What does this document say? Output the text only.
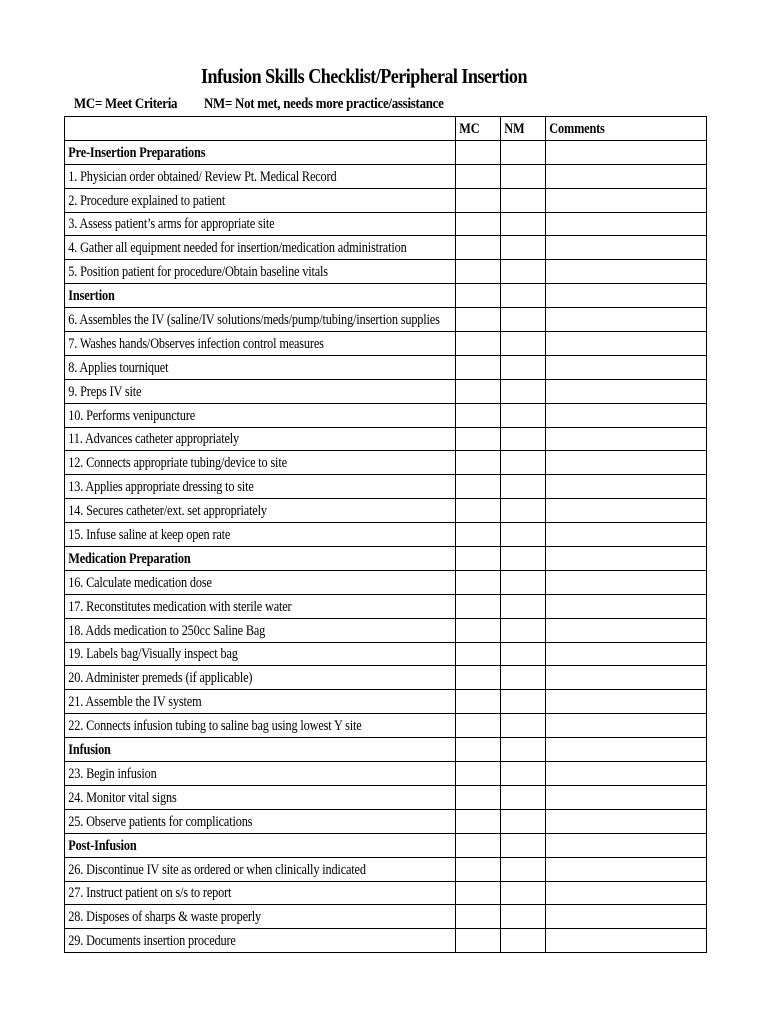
Infusion Skills Checklist/Peripheral Insertion
MC= Meet Criteria NM= Not met, needs more practice/assistance
	MC	NM	Comments
Pre-Insertion Preparations			
1. Physician order obtained/ Review Pt. Medical Record			
2. Procedure explained to patient			
3. Assess patient’s arms for appropriate site			
4. Gather all equipment needed for insertion/medication administration			
5. Position patient for procedure/Obtain baseline vitals			
Insertion			
6. Assembles the IV (saline/IV solutions/meds/pump/tubing/insertion supplies			
7. Washes hands/Observes infection control measures			
8. Applies tourniquet			
9. Preps IV site			
10. Performs venipuncture			
11. Advances catheter appropriately			
12. Connects appropriate tubing/device to site			
13. Applies appropriate dressing to site			
14. Secures catheter/ext. set appropriately			
15. Infuse saline at keep open rate			
Medication Preparation			
16. Calculate medication dose			
17. Reconstitutes medication with sterile water			
18. Adds medication to 250cc Saline Bag			
19. Labels bag/Visually inspect bag			
20. Administer premeds (if applicable)			
21. Assemble the IV system			
22. Connects infusion tubing to saline bag using lowest Y site			
Infusion			
23. Begin infusion			
24. Monitor vital signs			
25. Observe patients for complications			
Post-Infusion			
26. Discontinue IV site as ordered or when clinically indicated			
27. Instruct patient on s/s to report			
28. Disposes of sharps & waste properly			
29. Documents insertion procedure			
